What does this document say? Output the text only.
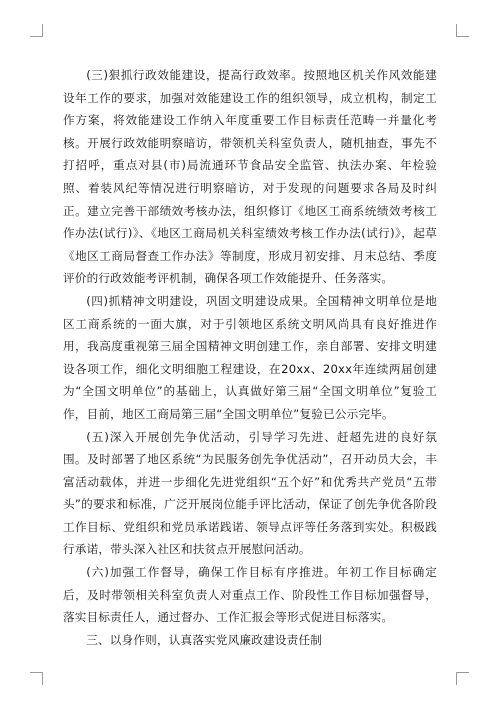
(三)狠抓行政效能建设，提高行政效率。按照地区机关作风效能建设年工作的要求，加强对效能建设工作的组织领导，成立机构，制定工作方案，将效能建设工作纳入年度重要工作目标责任范畴一并量化考核。开展行政效能明察暗访，带领机关科室负责人，随机抽查，事先不打招呼，重点对县(市)局流通环节食品安全监管、执法办案、年检验照、着装风纪等情况进行明察暗访，对于发现的问题要求各局及时纠正。建立完善干部绩效考核办法，组织修订《地区工商系统绩效考核工作办法(试行)》、《地区工商局机关科室绩效考核工作办法(试行)》，起草《地区工商局督查工作办法》等制度，形成月初安排、月末总结、季度评价的行政效能考评机制，确保各项工作效能提升、任务落实。

(四)抓精神文明建设，巩固文明建设成果。全国精神文明单位是地区工商系统的一面大旗，对于引领地区系统文明风尚具有良好推进作用，我高度重视第三届全国精神文明创建工作，亲自部署、安排文明建设各项工作，细化文明细胞工程建设，在20xx、20xx年连续两届创建为“全国文明单位”的基础上，认真做好第三届“全国文明单位”复验工作，目前，地区工商局第三届“全国文明单位”复验已公示完毕。

(五)深入开展创先争优活动，引导学习先进、赶超先进的良好氛围。及时部署了地区系统“为民服务创先争优活动”，召开动员大会，丰富活动载体，并进一步细化先进党组织“五个好”和优秀共产党员“五带头”的要求和标准，广泛开展岗位能手评比活动，保证了创先争优各阶段工作目标、党组织和党员承诺践诺、领导点评等任务落到实处。积极践行承诺，带头深入社区和扶贫点开展慰问活动。

(六)加强工作督导，确保工作目标有序推进。年初工作目标确定后，及时带领相关科室负责人对重点工作、阶段性工作目标加强督导，落实目标责任人，通过督办、工作汇报会等形式促进目标落实。

三、以身作则，认真落实党风廉政建设责任制
